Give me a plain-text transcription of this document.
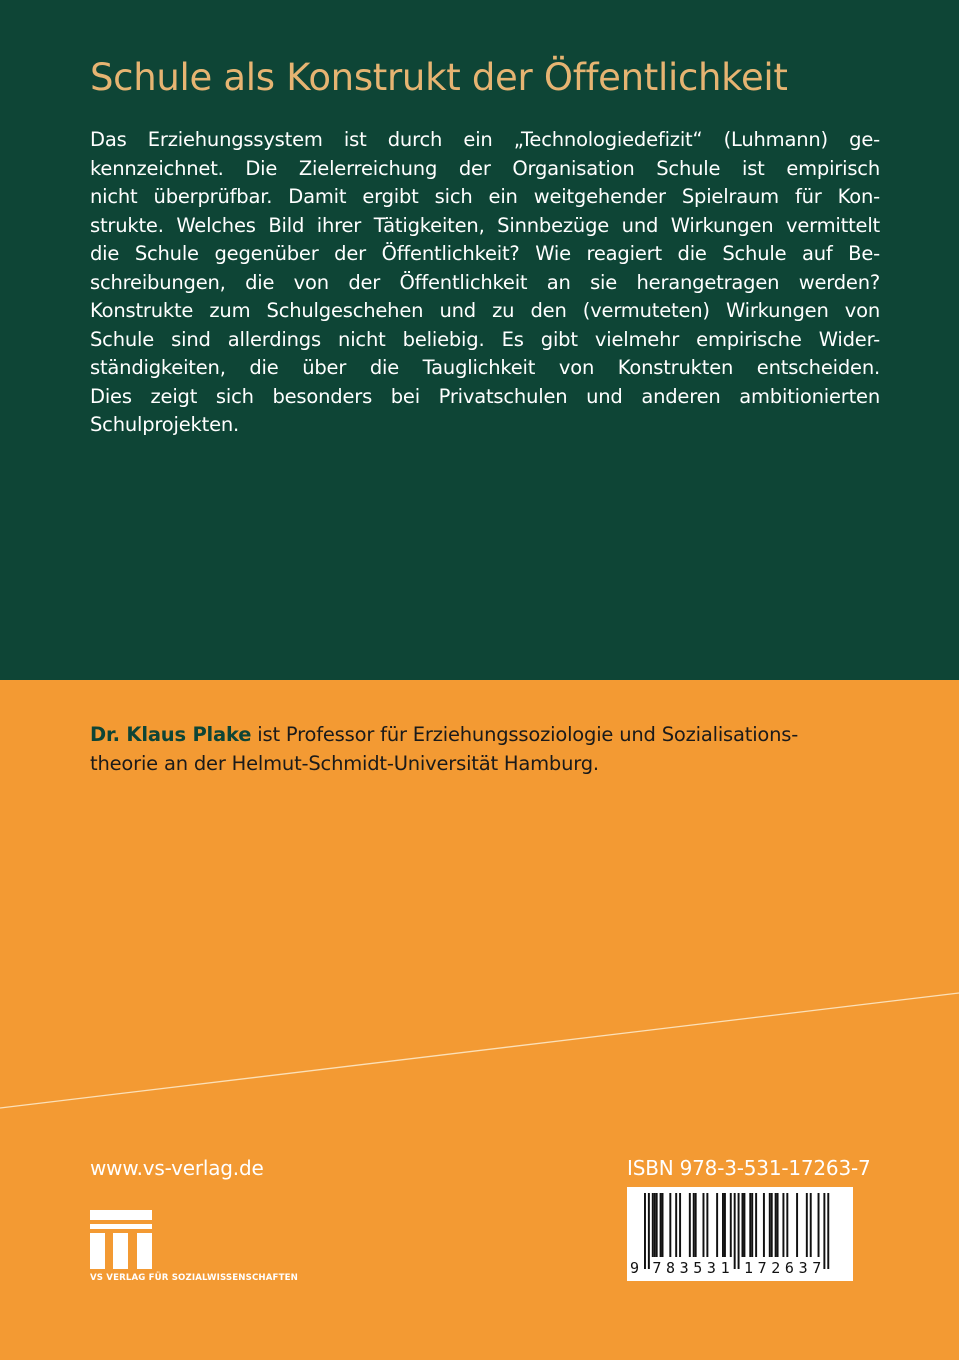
Schule als Konstrukt der Öffentlichkeit
Das Erziehungssystem ist durch ein „Technologiedefizit“ (Luhmann) ge-
kennzeichnet. Die Zielerreichung der Organisation Schule ist empirisch
nicht überprüfbar. Damit ergibt sich ein weitgehender Spielraum für Kon-
strukte. Welches Bild ihrer Tätigkeiten, Sinnbezüge und Wirkungen vermittelt
die Schule gegenüber der Öffentlichkeit? Wie reagiert die Schule auf Be-
schreibungen, die von der Öffentlichkeit an sie herangetragen werden?
Konstrukte zum Schulgeschehen und zu den (vermuteten) Wirkungen von
Schule sind allerdings nicht beliebig. Es gibt vielmehr empirische Wider-
ständigkeiten, die über die Tauglichkeit von Konstrukten entscheiden.
Dies zeigt sich besonders bei Privatschulen und anderen ambitionierten
Schulprojekten.
Dr. Klaus Plake ist Professor für Erziehungssoziologie und Sozialisations-
theorie an der Helmut-Schmidt-Universität Hamburg.
www.vs-verlag.de	ISBN 978-3-531-17263-7
9 7 8 3 5 3 1 1 7 2 6 3 7
VS VERLAG FÜR SOZIALWISSENSCHAFTEN
